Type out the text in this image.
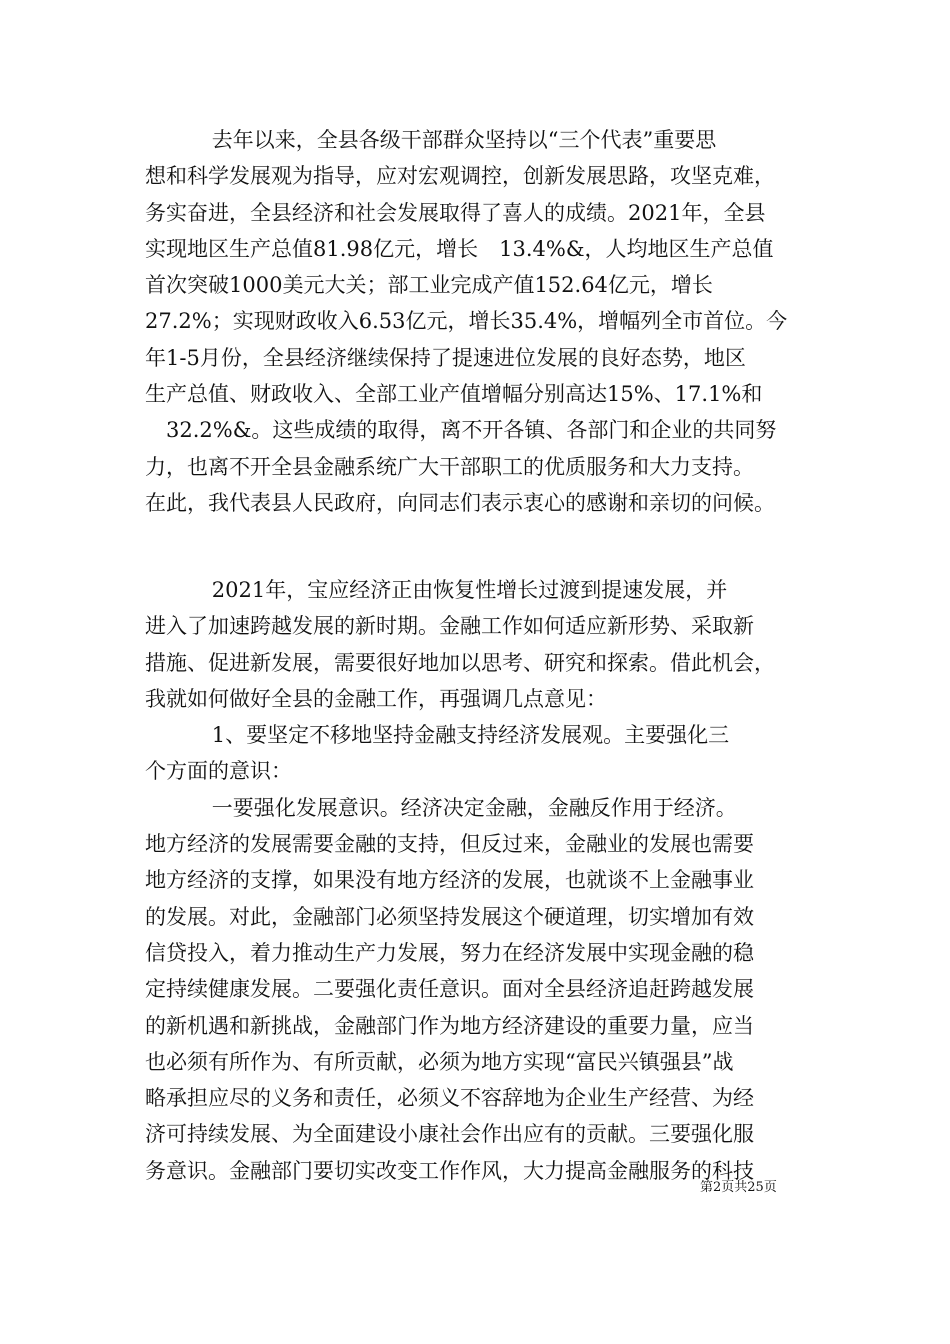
去年以来，全县各级干部群众坚持以“三个代表”重要思
想和科学发展观为指导，应对宏观调控，创新发展思路，攻坚克难，
务实奋进，全县经济和社会发展取得了喜人的成绩。2021年，全县
实现地区生产总值81.98亿元，增长　13.4%&，人均地区生产总值
首次突破1000美元大关；部工业完成产值152.64亿元，增长
27.2%；实现财政收入6.53亿元，增长35.4%，增幅列全市首位。今
年1-5月份，全县经济继续保持了提速进位发展的良好态势，地区
生产总值、财政收入、全部工业产值增幅分别高达15%、17.1%和
　32.2%&。这些成绩的取得，离不开各镇、各部门和企业的共同努
力，也离不开全县金融系统广大干部职工的优质服务和大力支持。
在此，我代表县人民政府，向同志们表示衷心的感谢和亲切的问候。

2021年，宝应经济正由恢复性增长过渡到提速发展，并
进入了加速跨越发展的新时期。金融工作如何适应新形势、采取新
措施、促进新发展，需要很好地加以思考、研究和探索。借此机会，
我就如何做好全县的金融工作，再强调几点意见：
1、要坚定不移地坚持金融支持经济发展观。主要强化三
个方面的意识：
一要强化发展意识。经济决定金融，金融反作用于经济。
地方经济的发展需要金融的支持，但反过来，金融业的发展也需要
地方经济的支撑，如果没有地方经济的发展，也就谈不上金融事业
的发展。对此，金融部门必须坚持发展这个硬道理，切实增加有效
信贷投入，着力推动生产力发展，努力在经济发展中实现金融的稳
定持续健康发展。二要强化责任意识。面对全县经济追赶跨越发展
的新机遇和新挑战，金融部门作为地方经济建设的重要力量，应当
也必须有所作为、有所贡献，必须为地方实现“富民兴镇强县”战
略承担应尽的义务和责任，必须义不容辞地为企业生产经营、为经
济可持续发展、为全面建设小康社会作出应有的贡献。三要强化服
务意识。金融部门要切实改变工作作风，大力提高金融服务的科技

第2页共25页
